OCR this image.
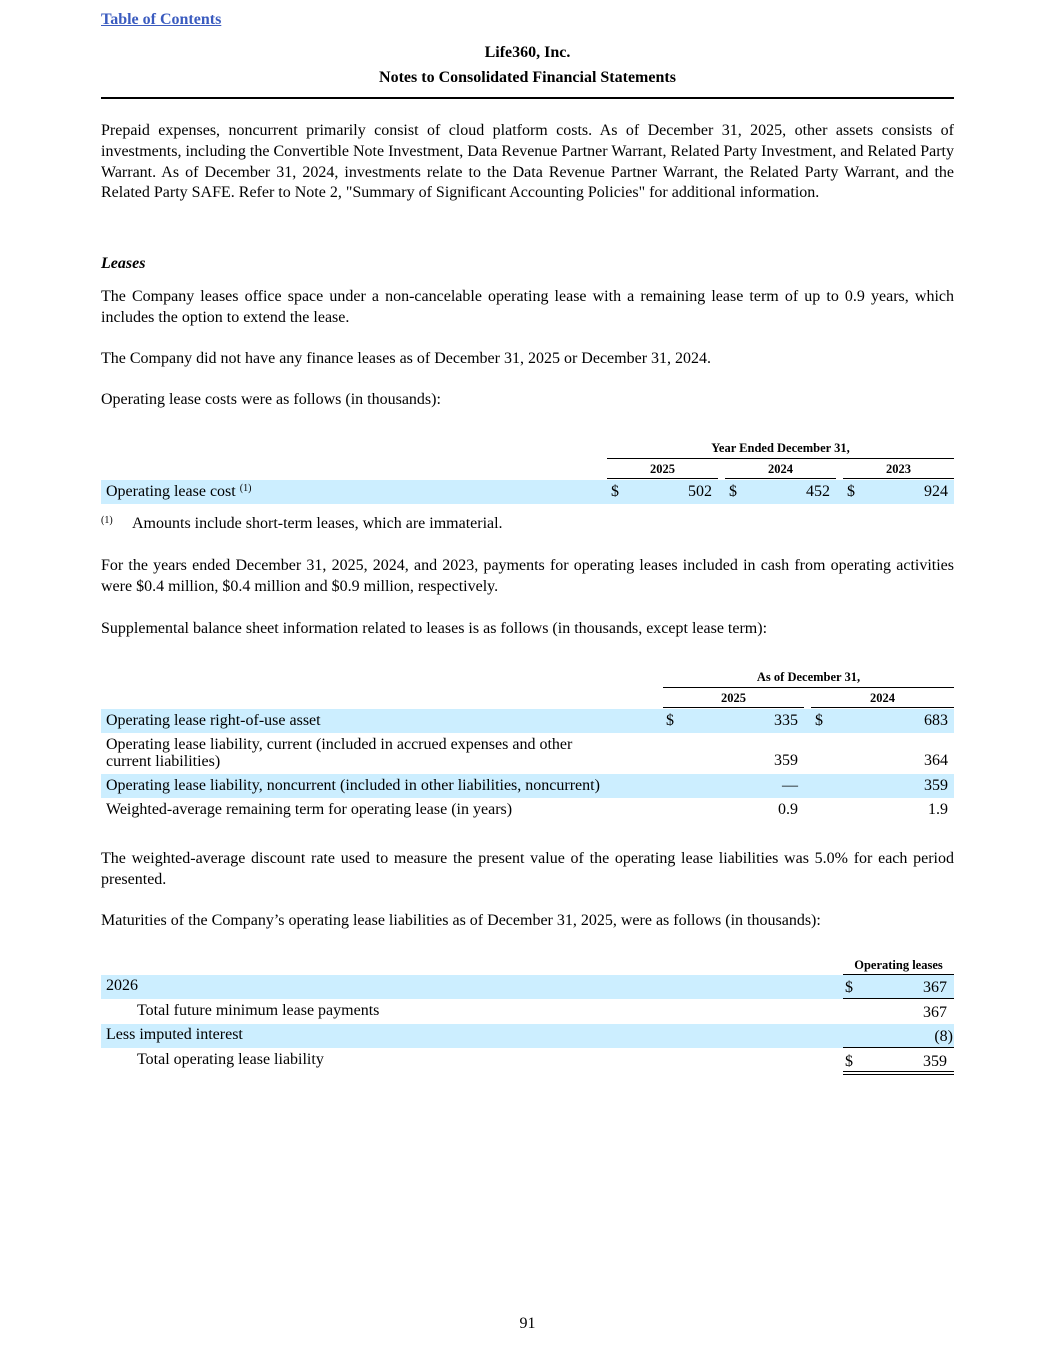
Table of Contents
Life360, Inc.
Notes to Consolidated Financial Statements
Prepaid expenses, noncurrent primarily consist of cloud platform costs. As of December 31, 2025, other assets consists of investments, including the Convertible Note Investment, Data Revenue Partner Warrant, Related Party Investment, and Related Party Warrant. As of December 31, 2024, investments relate to the Data Revenue Partner Warrant, the Related Party Warrant, and the Related Party SAFE. Refer to Note 2, "Summary of Significant Accounting Policies" for additional information.
Leases
The Company leases office space under a non-cancelable operating lease with a remaining lease term of up to 0.9 years, which includes the option to extend the lease.
The Company did not have any finance leases as of December 31, 2025 or December 31, 2024.
Operating lease costs were as follows (in thousands):
Year Ended December 31,
2025	2024	2023
Operating lease cost $^{(1)}$	$	502 $	452 $	924
$^{(1)}$ Amounts include short-term leases, which are immaterial.
For the years ended December 31, 2025, 2024, and 2023, payments for operating leases included in cash from operating activities were $0.4 million, $0.4 million and $0.9 million, respectively.
Supplemental balance sheet information related to leases is as follows (in thousands, except lease term):
As of December 31,
2025	2024
Operating lease right-of-use asset	$	335 $	683
Operating lease liability, current (included in accrued expenses and other
current liabilities)	359	364
Operating lease liability, noncurrent (included in other liabilities, noncurrent)	—	359
Weighted-average remaining term for operating lease (in years)	0.9	1.9
The weighted-average discount rate used to measure the present value of the operating lease liabilities was 5.0% for each period presented.
Maturities of the Company’s operating lease liabilities as of December 31, 2025, were as follows (in thousands):
Operating leases
2026	$	367
Total future minimum lease payments	367
Less imputed interest	(8)
Total operating lease liability	$	359
91
